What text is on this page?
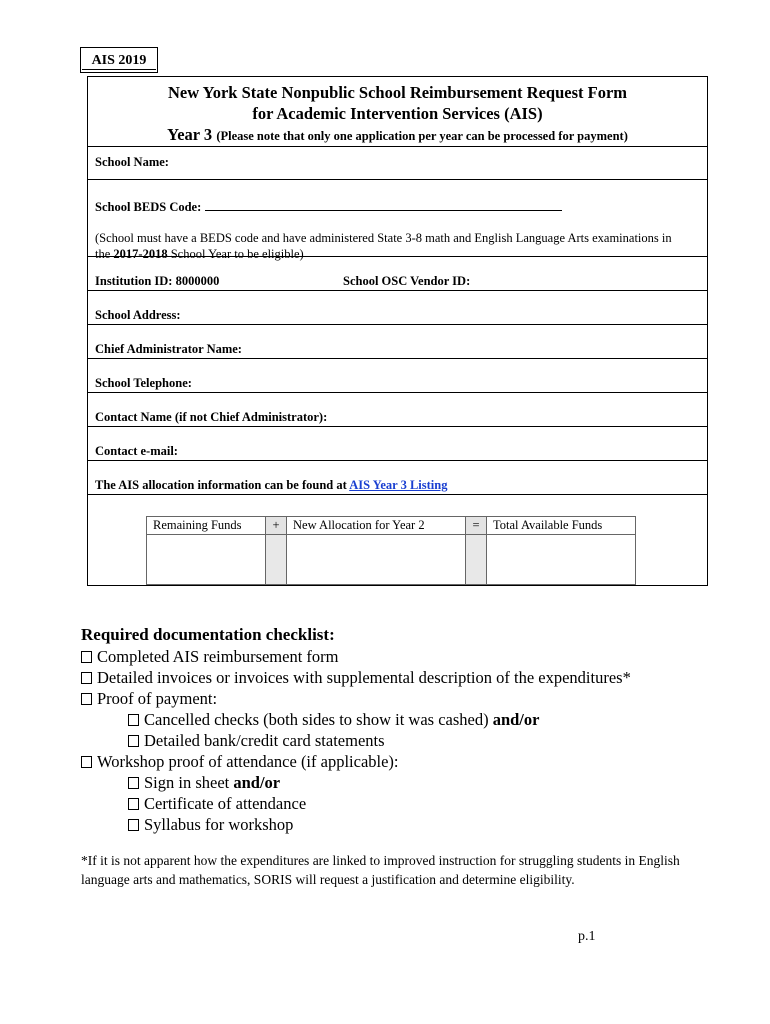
AIS 2019
New York State Nonpublic School Reimbursement Request Form
for Academic Intervention Services (AIS)
Year 3 (Please note that only one application per year can be processed for payment)
School Name:
School BEDS Code:
(School must have a BEDS code and have administered State 3-8 math and English Language Arts examinations in the 2017-2018 School Year to be eligible)
Institution ID: 8000000	School OSC Vendor ID:
School Address:
Chief Administrator Name:
School Telephone:
Contact Name (if not Chief Administrator):
Contact e-mail:
The AIS allocation information can be found at AIS Year 3 Listing
Remaining Funds	+	New Allocation for Year 2	=	Total Available Funds

Required documentation checklist:
Completed AIS reimbursement form
Detailed invoices or invoices with supplemental description of the expenditures*
Proof of payment:
Cancelled checks (both sides to show it was cashed) and/or
Detailed bank/credit card statements
Workshop proof of attendance (if applicable):
Sign in sheet and/or
Certificate of attendance
Syllabus for workshop
*If it is not apparent how the expenditures are linked to improved instruction for struggling students in English language arts and mathematics, SORIS will request a justification and determine eligibility.
p.1
